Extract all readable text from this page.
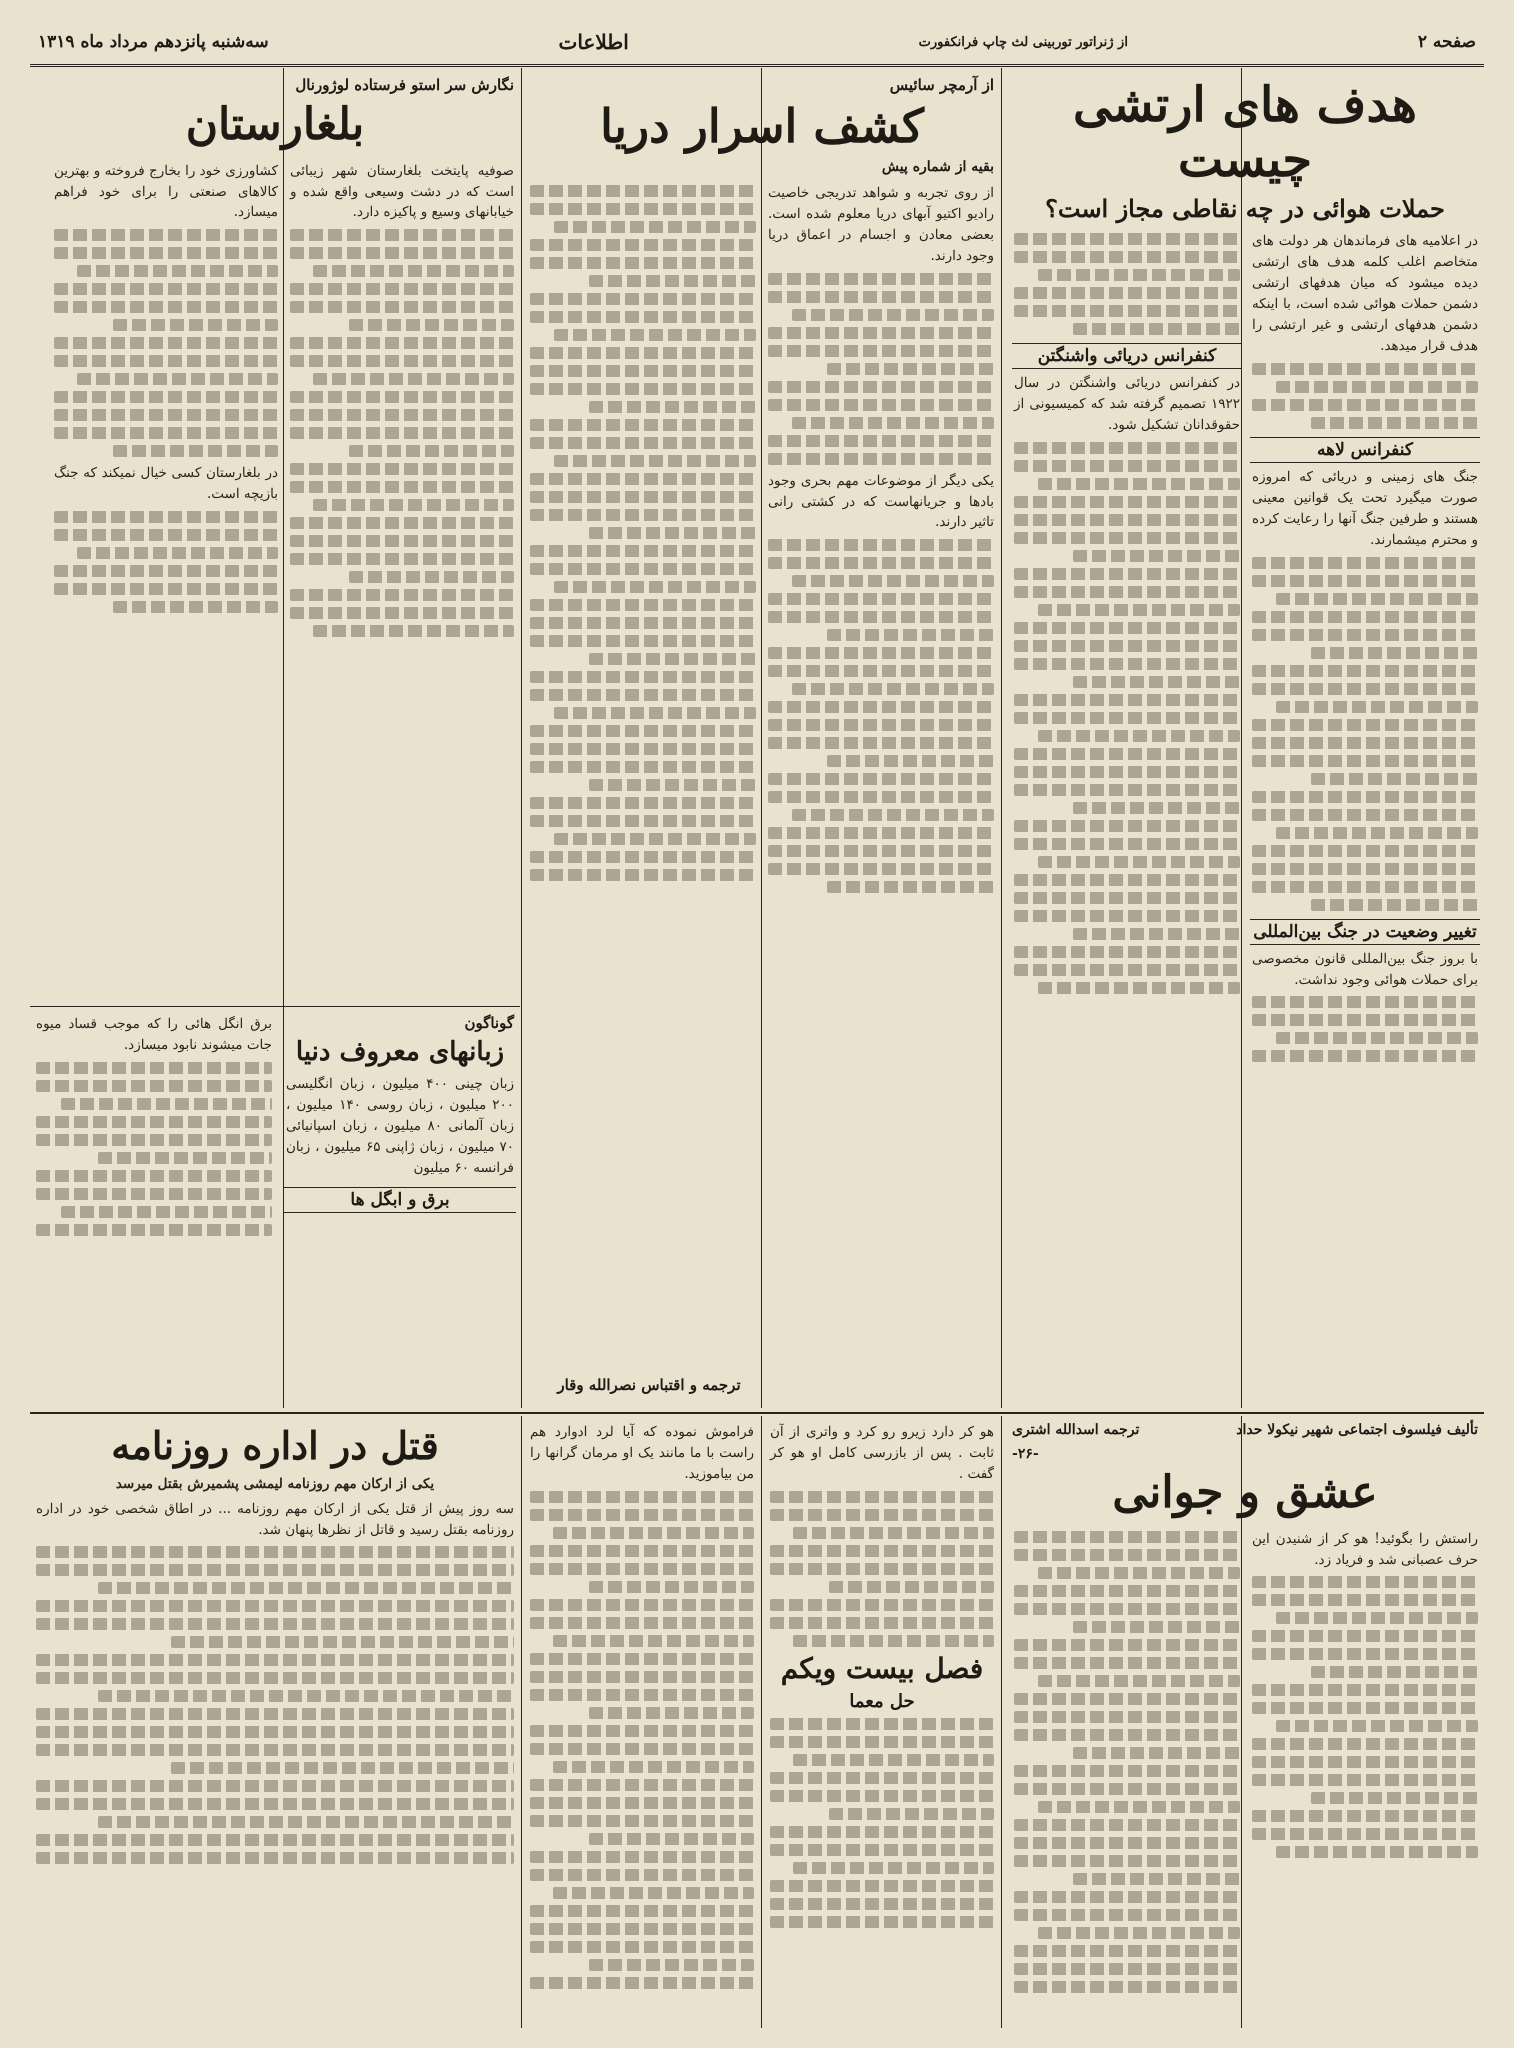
صفحه ۲
از ژنراتور توربینی لث چاپ فرانکفورت
اطلاعات
سه‌شنبه پانزدهم مرداد ماه ۱۳۱۹
هدف های ارتشی چیست
حملات هوائی در چه نقاطی مجاز است؟
در اعلامیه های فرماندهان هر دولت های متخاصم اغلب کلمه هدف های ارتشی دیده میشود که میان هدفهای ارتشی دشمن حملات هوائی شده است، با اینکه دشمن هدفهای ارتشی و غیر ارتشی را هدف قرار میدهد.
کنفرانس لاهه
جنگ های زمینی و دریائی که امروزه صورت میگیرد تحت یک قوانین معینی هستند و طرفین جنگ آنها را رعایت کرده و محترم میشمارند.
تغییر وضعیت در جنگ بین‌المللی
با بروز جنگ بین‌المللی قانون مخصوصی برای حملات هوائی وجود نداشت.
کنفرانس دریائی واشنگتن
در کنفرانس دریائی واشنگتن در سال ۱۹۲۲ تصمیم گرفته شد که کمیسیونی از حقوقدانان تشکیل شود.
از آرمچر سائیس
کشف اسرار دریا
بقیه از شماره پیش
از روی تجربه و شواهد تدریجی خاصیت رادیو اکتیو آبهای دریا معلوم شده است. بعضی معادن و اجسام در اعماق دریا وجود دارند.
یکی دیگر از موضوعات مهم بحری وجود بادها و جریانهاست که در کشتی رانی تاثیر دارند.
ترجمه و اقتباس نصرالله وقار
نگارش سر استو فرستاده لوژورنال
بلغارستان
صوفیه پایتخت بلغارستان شهر زیبائی است که در دشت وسیعی واقع شده و خیابانهای وسیع و پاکیزه دارد.
کشاورزی خود را بخارج فروخته و بهترین کالاهای صنعتی را برای خود فراهم میسازد.
در بلغارستان کسی خیال نمیکند که جنگ بازیچه است.
گوناگون
زبانهای معروف دنیا
زبان چینی ۴۰۰ میلیون ، زبان انگلیسی ۲۰۰ میلیون ، زبان روسی ۱۴۰ میلیون ، زبان آلمانی ۸۰ میلیون ، زبان اسپانیائی ۷۰ میلیون ، زبان ژاپنی ۶۵ میلیون ، زبان فرانسه ۶۰ میلیون
برق و ابگل ها
برق انگل هائی را که موجب قساد میوه جات میشوند نابود میسازد.
تألیف فیلسوف اجتماعی شهیر نیکولا حداد
ترجمه اسدالله اشتری
-۲۶-
عشق و جوانی
راستش را بگوئید! هو کر از شنیدن این حرف عصبانی شد و فریاد زد.
هو کر دارد زیرو رو کرد و واتری از آن ثابت . پس از بازرسی کامل او هو کر گفت .
فصل بیست ویکم
حل معما
فراموش نموده که آیا لرد ادوارد هم راست با ما مانند یک او مرمان گرانها را من بیاموزید.
قتل در اداره روزنامه
یکی از ارکان مهم روزنامه لیمشی پشمیرش بقتل میرسد
سه روز پیش از قتل یکی از ارکان مهم روزنامه ... در اطاق شخصی خود در اداره روزنامه بقتل رسید و قاتل از نظرها پنهان شد.
